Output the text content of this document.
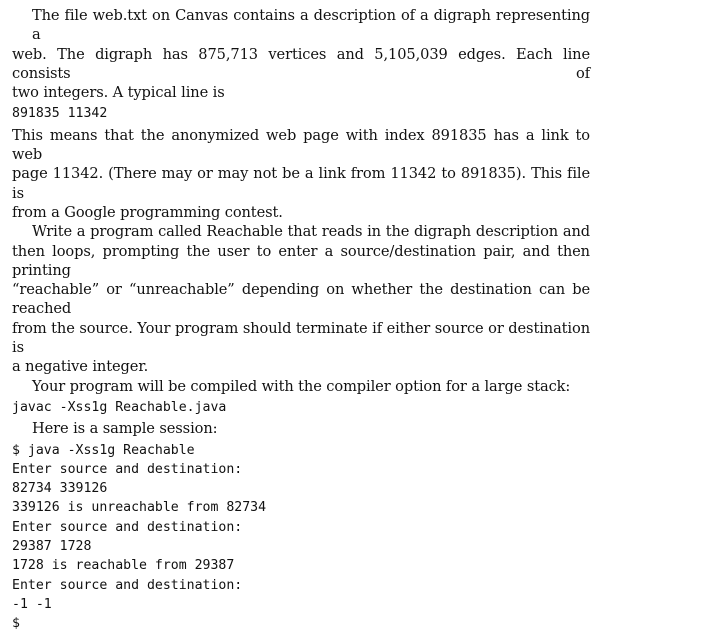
The file web.txt on Canvas contains a description of a digraph representing a
web. The digraph has 875,713 vertices and 5,105,039 edges. Each line consists of
two integers. A typical line is

891835 11342

This means that the anonymized web page with index 891835 has a link to web
page 11342. (There may or may not be a link from 11342 to 891835). This file is
from a Google programming contest.

Write a program called Reachable that reads in the digraph description and
then loops, prompting the user to enter a source/destination pair, and then printing
“reachable” or “unreachable” depending on whether the destination can be reached
from the source. Your program should terminate if either source or destination is
a negative integer.

Your program will be compiled with the compiler option for a large stack:

javac -Xss1g Reachable.java

Here is a sample session:

$ java -Xss1g Reachable
Enter source and destination:
82734 339126
339126 is unreachable from 82734
Enter source and destination:
29387 1728
1728 is reachable from 29387
Enter source and destination:
-1 -1
$
